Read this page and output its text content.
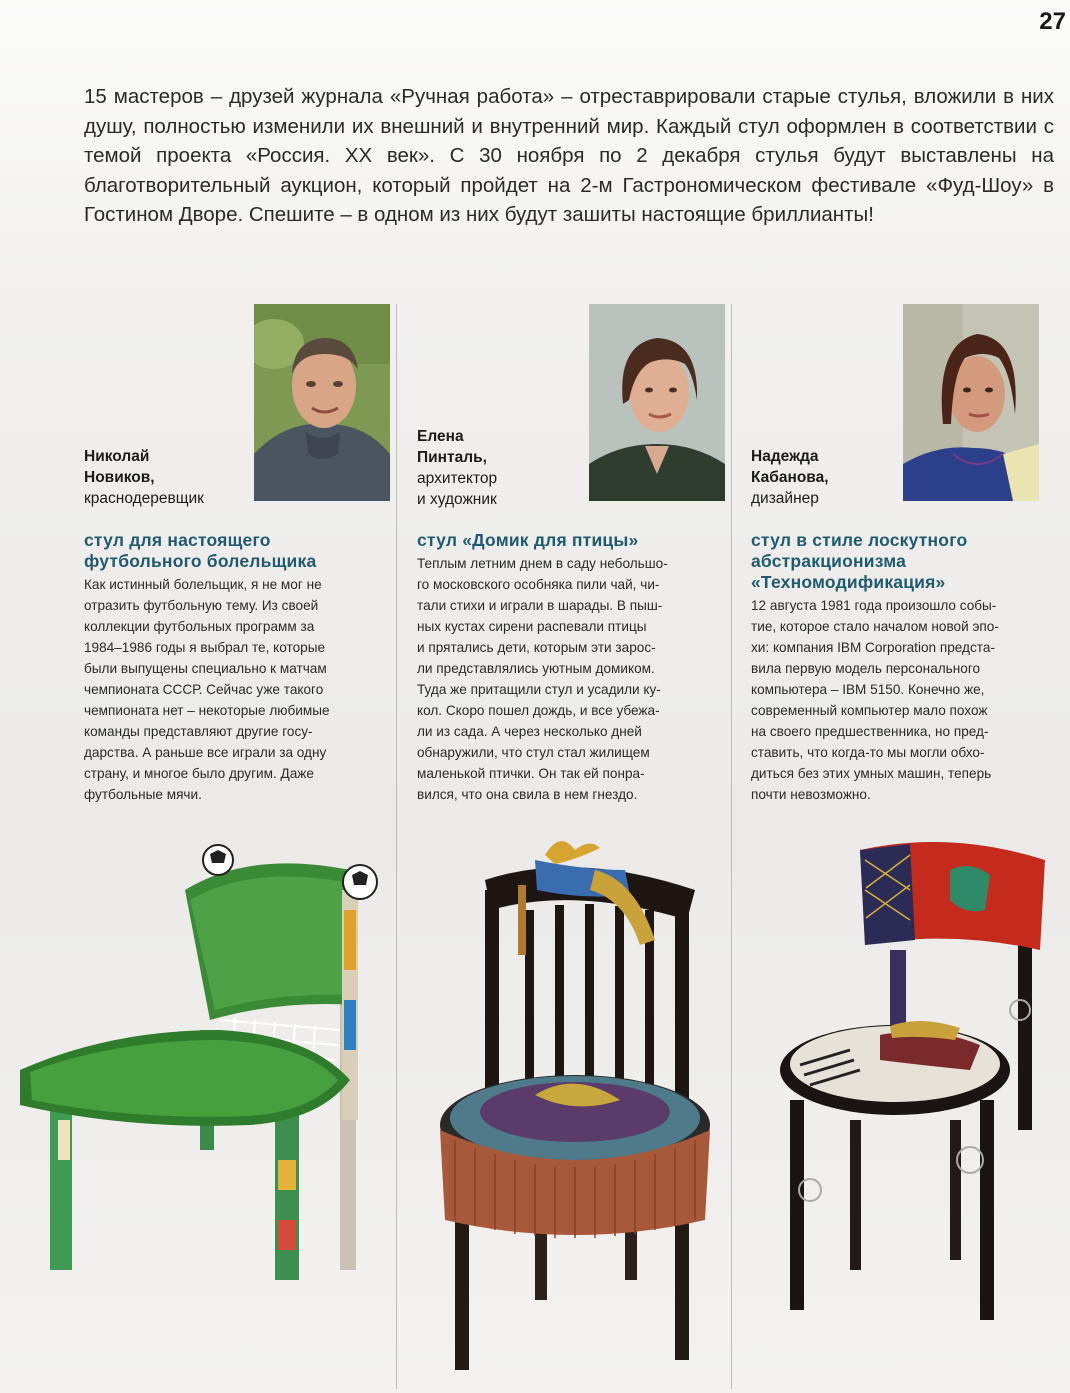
27
15 мастеров – друзей журнала «Ручная работа» – отреставрировали старые стулья, вложили в них душу, полностью изменили их внешний и внутренний мир. Каждый стул оформлен в соответствии с темой проекта «Россия. XX век». С 30 ноября по 2 декабря стулья будут выставлены на благотворительный аукцион, который пройдет на 2-м Гастрономическом фестивале «Фуд-Шоу» в Гостином Дворе. Спешите – в одном из них будут зашиты настоящие бриллианты!
Николай
Новиков,
краснодеревщик
стул для настоящего
футбольного болельщика
Как истинный болельщик, я не мог не
отразить футбольную тему. Из своей
коллекции футбольных программ за
1984–1986 годы я выбрал те, которые
были выпущены специально к матчам
чемпионата СССР. Сейчас уже такого
чемпионата нет – некоторые любимые
команды представляют другие госу-
дарства. А раньше все играли за одну
страну, и многое было другим. Даже
футбольные мячи.
Елена
Пинталь,
архитектор
и художник
стул «Домик для птицы»
Теплым летним днем в саду небольшо-
го московского особняка пили чай, чи-
тали стихи и играли в шарады. В пыш-
ных кустах сирени распевали птицы
и прятались дети, которым эти зарос-
ли представлялись уютным домиком.
Туда же притащили стул и усадили ку-
кол. Скоро пошел дождь, и все убежа-
ли из сада. А через несколько дней
обнаружили, что стул стал жилищем
маленькой птички. Он так ей понра-
вился, что она свила в нем гнездо.
Надежда
Кабанова,
дизайнер
стул в стиле лоскутного
абстракционизма
«Техномодификация»
12 августа 1981 года произошло собы-
тие, которое стало началом новой эпо-
хи: компания IBM Corporation предста-
вила первую модель персонального
компьютера – IBM 5150. Конечно же,
современный компьютер мало похож
на своего предшественника, но пред-
ставить, что когда-то мы могли обхо-
диться без этих умных машин, теперь
почти невозможно.
